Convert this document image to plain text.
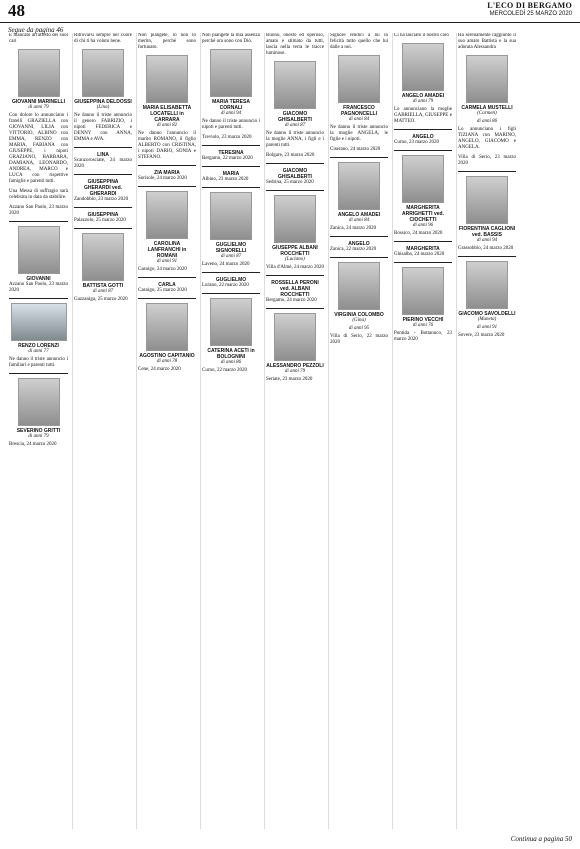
48	L'ECO DI BERGAMO
MERCOLEDÌ 25 MARZO 2020
Segue da pagina 46

È mancato all'affetto dei suoi cari

GIOVANNI MARINELLI
di anni 79

Con dolore lo annunciano i fratelli GRAZIELLA con GIOVANNI, LILIA con VITTORIO, ALBINO con EMMA, RENZO con MARIA, FABIANA con GIUSEPPE, i nipoti GRAZIANO, BARBARA, DAMIANA, LEONARDO, ANDREA, MARCO e LUCA con rispettive famiglie e parenti tutti.

Una Messa di suffragio sarà celebrata in data da stabilire.

Azzano San Paolo, 23 marzo 2020

GIOVANNI

Azzano San Paolo, 23 marzo 2020

RENZO LORENZI
di anni 77

Ne danno il triste annuncio i familiari e parenti tutti.

SEVERINO GRITTI
di anni 79

Brescia, 24 marzo 2020

Ritrovarsi sempre nel cuore di chi ti ha voluto bene.

GIUSEPPINA DELDOSSI
(Lina)

Ne danno il triste annuncio il genero FABRIZIO, i nipoti FEDERICA e DENNY con ANNA, EMMA e AVA.

LINA

Scanzorosciate, 24 marzo 2020

GIUSEPPINA GHERARDI ved. GHERARDI

Zandobbio, 23 marzo 2020

GIUSEPPINA

Palazzolo, 25 marzo 2020

BATTISTA GOTTI
di anni 87

Gazzaniga, 25 marzo 2020

Non piangete, io non lo merito, perché sono fortunato.

MARIA ELISABETTA LOCATELLI in CARRARA
di anni 82

Ne danno l'annuncio il marito ROMANO, il figlio ALBERTO con CRISTINA, i nipoti DARIO, SONIA e STEFANO.

ZIA MARIA

Sorisole, 24 marzo 2020

CAROLINA LANFRANCHI in ROMANI
di anni 91

Casnigo, 24 marzo 2020

CARLA

Casnigo, 25 marzo 2020

AGOSTINO CAPITANIO
di anni 78

Cene, 24 marzo 2020

Non piangete la mia assenza perché ora sono con Dio.

MARIA TERESA CORNALI
di anni 94

Ne danno il triste annuncio i nipoti e parenti tutti.

Treviolo, 23 marzo 2020

TERESINA

Bergamo, 22 marzo 2020

MARIA

Albino, 23 marzo 2020

GUGLIELMO SIGNORELLI
di anni 87

Laveno, 24 marzo 2020

GUGLIELMO

Lurano, 22 marzo 2020

CATERINA ACETI in BOLOGNINI
di anni 86

Curno, 22 marzo 2020

Buono, onesto ed operoso, amato e stimato da tutti, lascia nella terra le tracce luminose.

GIACOMO GHISALBERTI
di anni 87

Ne danno il triste annuncio la moglie ANNA, i figli e i parenti tutti.

Bolgare, 23 marzo 2020

GIACOMO GHISALBERTI

Sedrina, 25 marzo 2020

GIUSEPPE ALBANI ROCCHETTI
(Luciano)

Villa d'Almè, 24 marzo 2020

ROSSELLA PERONI ved. ALBANI ROCCHETTI

Bergamo, 24 marzo 2020

ALESSANDRO PEZZOLI
di anni 79

Seriate, 23 marzo 2020

Signore rendici a lui in felicità tutto quello che lui dalle a noi.

FRANCESCO PAGNONCELLI
di anni 84

Ne danno il triste annuncio la moglie ANGELA, le figlie e i nipoti.

Ciserano, 24 marzo 2020

ANGELO AMADEI
di anni 84

Zanica, 24 marzo 2020

ANGELO

Zanica, 22 marzo 2020

VIRGINIA COLOMBO
(Gina)
di anni 95

Villa di Serio, 22 marzo 2020

Ci ha lasciato il nostro caro

ANGELO AMADEI
di anni 79

Lo annunciano la moglie GABRIELLA, GIUSEPPE e MATTEO.

ANGELO

Curno, 23 marzo 2020

MARGHERITA ARRIGHETTI ved. CIOCHETTI
di anni 96

Bossico, 24 marzo 2020

MARGHERITA

Ghisalba, 24 marzo 2020

PIERINO VECCHI
di anni 76

Pontida - Bottanuco, 23 marzo 2020

Ha serenamente raggiunto il suo amato Battista e la sua adorata Alessandra

CARMELA MUSTELLI
(Carmen)
di anni 86

Lo annunciano i figli TIZIANA con MARINO, ANGELO, GIACOMO e ANGELA.

Villa di Serio, 23 marzo 2020

FIORENTINA CAGLIONI ved. BASSIS
di anni 94

Grassobbio, 24 marzo 2020

GIACOMO SAVOLDELLI
(Maneta)
di anni 91

Sovere, 23 marzo 2020

Continua a pagina 50
